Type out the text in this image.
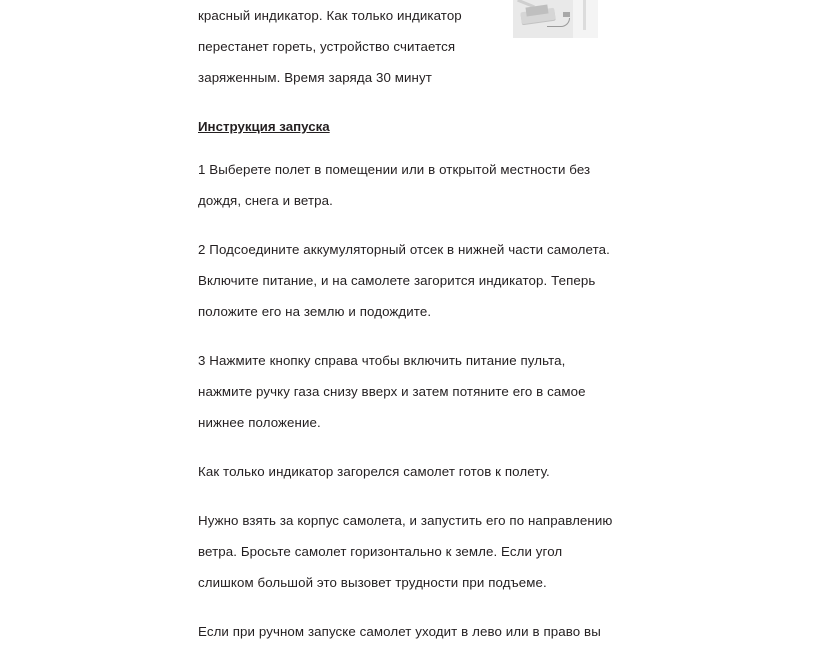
красный индикатор. Как только индикатор

перестанет гореть, устройство считается

заряженным. Время заряда 30 минут

Инструкция запуска

1 Выберете полет в помещении или в открытой местности без

дождя, снега и ветра.

2 Подсоедините аккумуляторный отсек в нижней части самолета.

Включите питание, и на самолете загорится индикатор. Теперь

положите его на землю и подождите.

3 Нажмите кнопку справа чтобы включить питание пульта,

нажмите ручку газа снизу вверх и затем потяните его в самое

нижнее положение.

Как только индикатор загорелся самолет готов к полету.

Нужно взять за корпус самолета, и запустить его по направлению

ветра. Бросьте самолет горизонтально к земле. Если угол

слишком большой это вызовет трудности при подъеме.

Если при ручном запуске самолет уходит в лево или в право вы
